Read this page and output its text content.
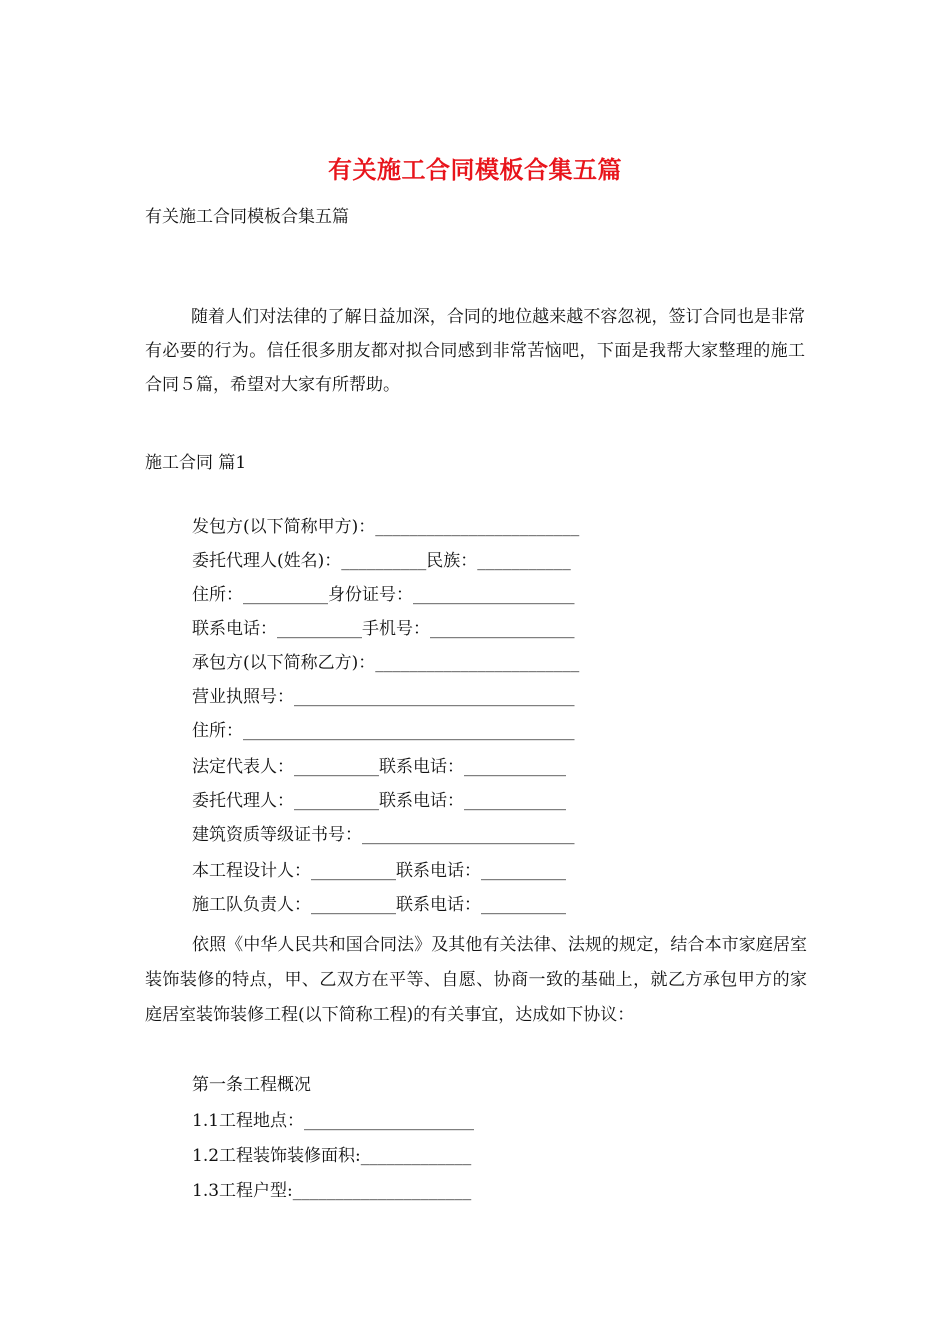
有关施工合同模板合集五篇
有关施工合同模板合集五篇
随着人们对法律的了解日益加深，合同的地位越来越不容忽视，签订合同也是非常有必要的行为。信任很多朋友都对拟合同感到非常苦恼吧，下面是我帮大家整理的施工合同５篇，希望对大家有所帮助。
施工合同 篇1
发包方(以下简称甲方)：________________________
委托代理人(姓名)：__________民族：___________
住所：__________身份证号：___________________
联系电话：__________手机号：_________________
承包方(以下简称乙方)：________________________
营业执照号：_________________________________
住所：_______________________________________
法定代表人：__________联系电话：____________
委托代理人：__________联系电话：____________
建筑资质等级证书号：_________________________
本工程设计人：__________联系电话：__________
施工队负责人：__________联系电话：__________
依照《中华人民共和国合同法》及其他有关法律、法规的规定，结合本市家庭居室装饰装修的特点，甲、乙双方在平等、自愿、协商一致的基础上，就乙方承包甲方的家庭居室装饰装修工程(以下简称工程)的有关事宜，达成如下协议：
第一条工程概况
1.1工程地点：____________________
1.2工程装饰装修面积:_____________
1.3工程户型:_____________________
